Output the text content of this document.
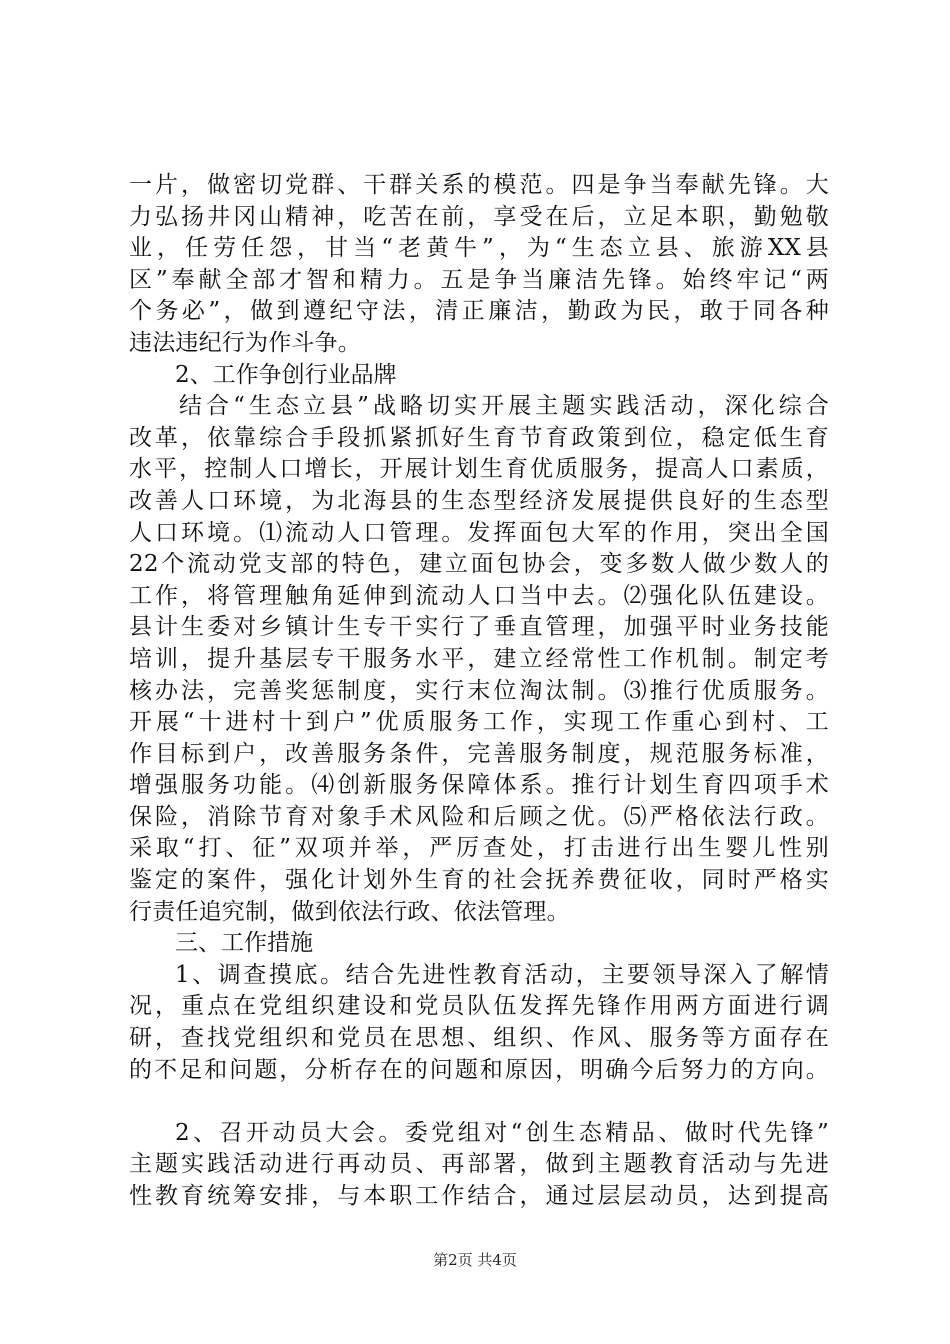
一片，做密切党群、干群关系的模范。四是争当奉献先锋。大
力弘扬井冈山精神，吃苦在前，享受在后，立足本职，勤勉敬
业，任劳任怨，甘当“老黄牛”，为“生态立县、旅游XX县
区”奉献全部才智和精力。五是争当廉洁先锋。始终牢记“两
个务必”，做到遵纪守法，清正廉洁，勤政为民，敢于同各种
违法违纪行为作斗争。
2、工作争创行业品牌
结合“生态立县”战略切实开展主题实践活动，深化综合
改革，依靠综合手段抓紧抓好生育节育政策到位，稳定低生育
水平，控制人口增长，开展计划生育优质服务，提高人口素质，
改善人口环境，为北海县的生态型经济发展提供良好的生态型
人口环境。⑴流动人口管理。发挥面包大军的作用，突出全国
22个流动党支部的特色，建立面包协会，变多数人做少数人的
工作，将管理触角延伸到流动人口当中去。⑵强化队伍建设。
县计生委对乡镇计生专干实行了垂直管理，加强平时业务技能
培训，提升基层专干服务水平，建立经常性工作机制。制定考
核办法，完善奖惩制度，实行末位淘汰制。⑶推行优质服务。
开展“十进村十到户”优质服务工作，实现工作重心到村、工
作目标到户，改善服务条件，完善服务制度，规范服务标准，
增强服务功能。⑷创新服务保障体系。推行计划生育四项手术
保险，消除节育对象手术风险和后顾之优。⑸严格依法行政。
采取“打、征”双项并举，严厉查处，打击进行出生婴儿性别
鉴定的案件，强化计划外生育的社会抚养费征收，同时严格实
行责任追究制，做到依法行政、依法管理。
三、工作措施
1、调查摸底。结合先进性教育活动，主要领导深入了解情
况，重点在党组织建设和党员队伍发挥先锋作用两方面进行调
研，查找党组织和党员在思想、组织、作风、服务等方面存在
的不足和问题，分析存在的问题和原因，明确今后努力的方向。
2、召开动员大会。委党组对“创生态精品、做时代先锋”
主题实践活动进行再动员、再部署，做到主题教育活动与先进
性教育统筹安排，与本职工作结合，通过层层动员，达到提高
第2页 共4页
